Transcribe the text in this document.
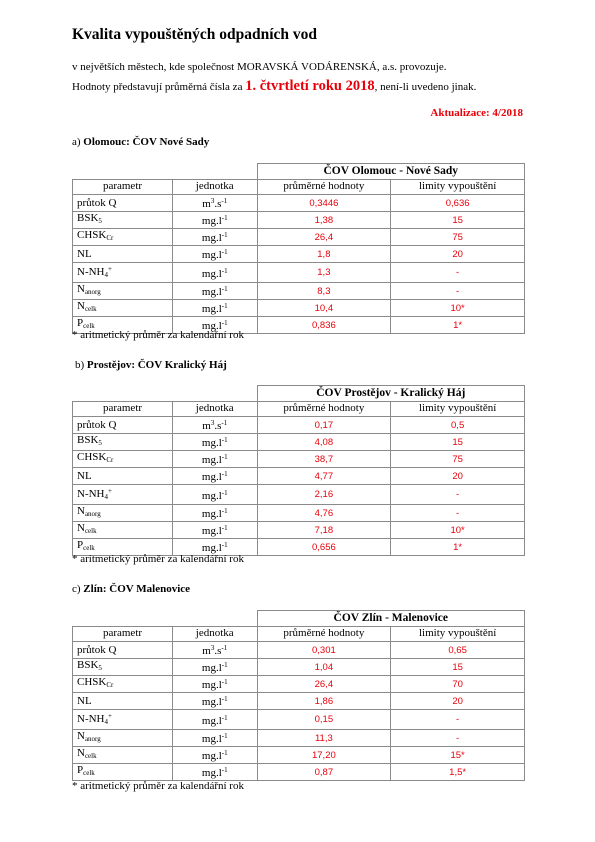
Kvalita vypouštěných odpadních vod
v největších městech, kde společnost MORAVSKÁ VODÁRENSKÁ, a.s. provozuje.
Hodnoty představují průměrná čísla za 1. čtvrtletí roku 2018, není-li uvedeno jinak.
Aktualizace: 4/2018
a) Olomouc: ČOV Nové Sady
		ČOV Olomouc - Nové Sady	
parametr	jednotka	průměrné hodnoty	limity vypouštění
průtok Q	$m^3.s^{-1}$	0,3446	0,636
$BSK_5$	$mg.l^{-1}$	1,38	15
$CHSK_{Cr}$	$mg.l^{-1}$	26,4	75
NL	$mg.l^{-1}$	1,8	20
$N-NH_4^+$	$mg.l^{-1}$	1,3	-
$N_{anorg}$	$mg.l^{-1}$	8,3	-
$N_{celk}$	$mg.l^{-1}$	10,4	10*
$P_{celk}$	$mg.l^{-1}$	0,836	1*
* aritmetický průměr za kalendářní rok
b) Prostějov: ČOV Kralický Háj
		ČOV Prostějov - Kralický Háj	
parametr	jednotka	průměrné hodnoty	limity vypouštění
průtok Q	$m^3.s^{-1}$	0,17	0,5
$BSK_5$	$mg.l^{-1}$	4,08	15
$CHSK_{Cr}$	$mg.l^{-1}$	38,7	75
NL	$mg.l^{-1}$	4,77	20
$N-NH_4^+$	$mg.l^{-1}$	2,16	-
$N_{anorg}$	$mg.l^{-1}$	4,76	-
$N_{celk}$	$mg.l^{-1}$	7,18	10*
$P_{celk}$	$mg.l^{-1}$	0,656	1*
* aritmetický průměr za kalendářní rok
c) Zlín: ČOV Malenovice
		ČOV Zlín - Malenovice	
parametr	jednotka	průměrné hodnoty	limity vypouštění
průtok Q	$m^3.s^{-1}$	0,301	0,65
$BSK_5$	$mg.l^{-1}$	1,04	15
$CHSK_{Cr}$	$mg.l^{-1}$	26,4	70
NL	$mg.l^{-1}$	1,86	20
$N-NH_4^+$	$mg.l^{-1}$	0,15	-
$N_{anorg}$	$mg.l^{-1}$	11,3	-
$N_{celk}$	$mg.l^{-1}$	17,20	15*
$P_{celk}$	$mg.l^{-1}$	0,87	1,5*
* aritmetický průměr za kalendářní rok
